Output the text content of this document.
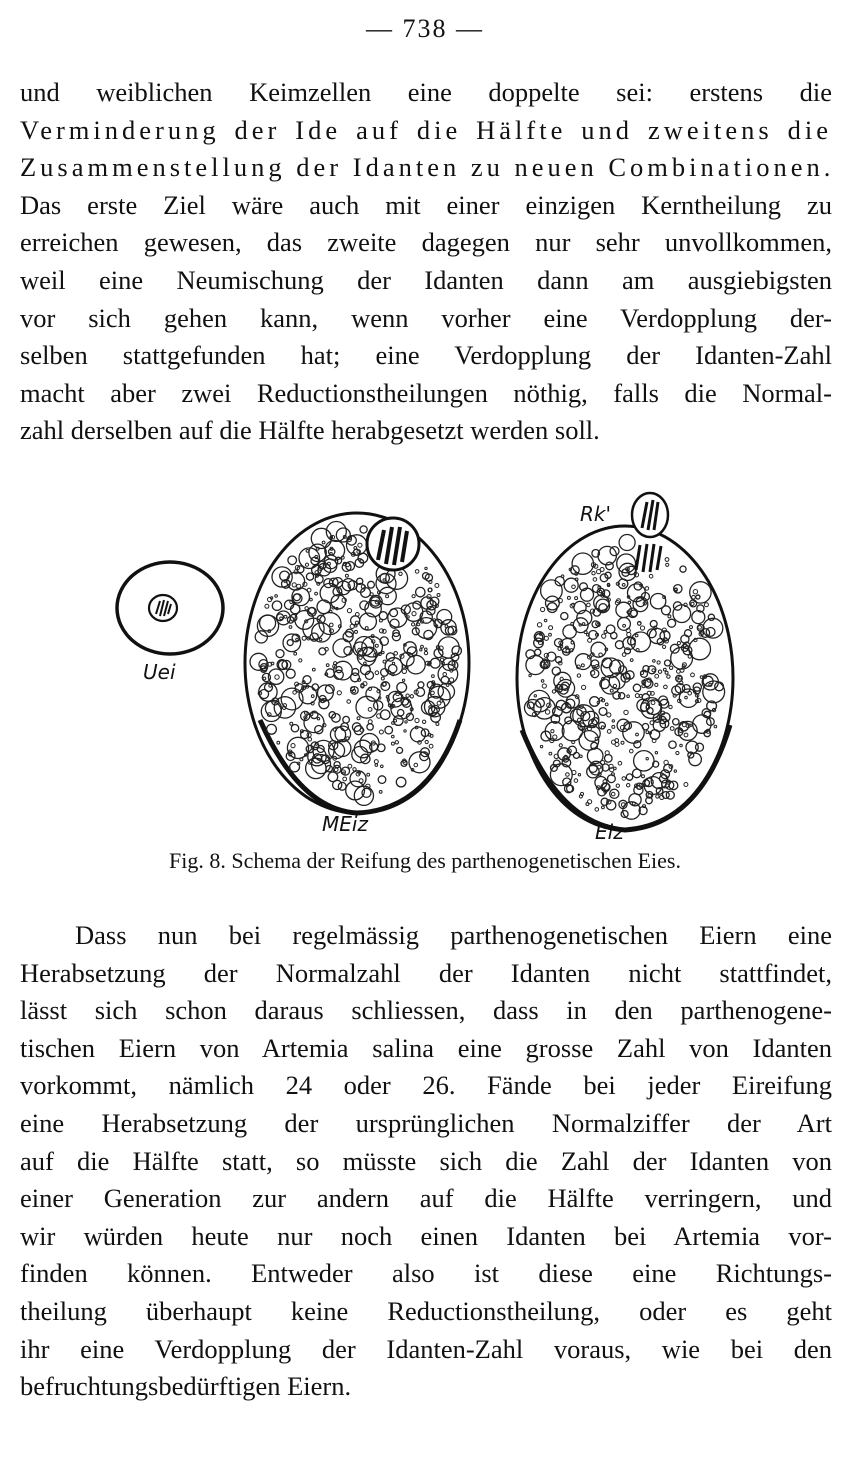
— 738 —
und weiblichen Keimzellen eine doppelte sei: erstens die
Verminderung der Ide auf die Hälfte und zweitens die
Zusammenstellung der Idanten zu neuen Combinationen.
Das erste Ziel wäre auch mit einer einzigen Kerntheilung zu
erreichen gewesen, das zweite dagegen nur sehr unvollkommen,
weil eine Neumischung der Idanten dann am ausgiebigsten
vor sich gehen kann, wenn vorher eine Verdopplung der-
selben stattgefunden hat; eine Verdopplung der Idanten-Zahl
macht aber zwei Reductionstheilungen nöthig, falls die Normal-
zahl derselben auf die Hälfte herabgesetzt werden soll.
Uei
Rk'
MEiz	Eiz
Fig. 8. Schema der Reifung des parthenogenetischen Eies.
Dass nun bei regelmässig parthenogenetischen Eiern eine
Herabsetzung der Normalzahl der Idanten nicht stattfindet,
lässt sich schon daraus schliessen, dass in den parthenogene-
tischen Eiern von Artemia salina eine grosse Zahl von Idanten
vorkommt, nämlich 24 oder 26. Fände bei jeder Eireifung
eine Herabsetzung der ursprünglichen Normalziffer der Art
auf die Hälfte statt, so müsste sich die Zahl der Idanten von
einer Generation zur andern auf die Hälfte verringern, und
wir würden heute nur noch einen Idanten bei Artemia vor-
finden können. Entweder also ist diese eine Richtungs-
theilung überhaupt keine Reductionstheilung, oder es geht
ihr eine Verdopplung der Idanten-Zahl voraus, wie bei den
befruchtungsbedürftigen Eiern.
